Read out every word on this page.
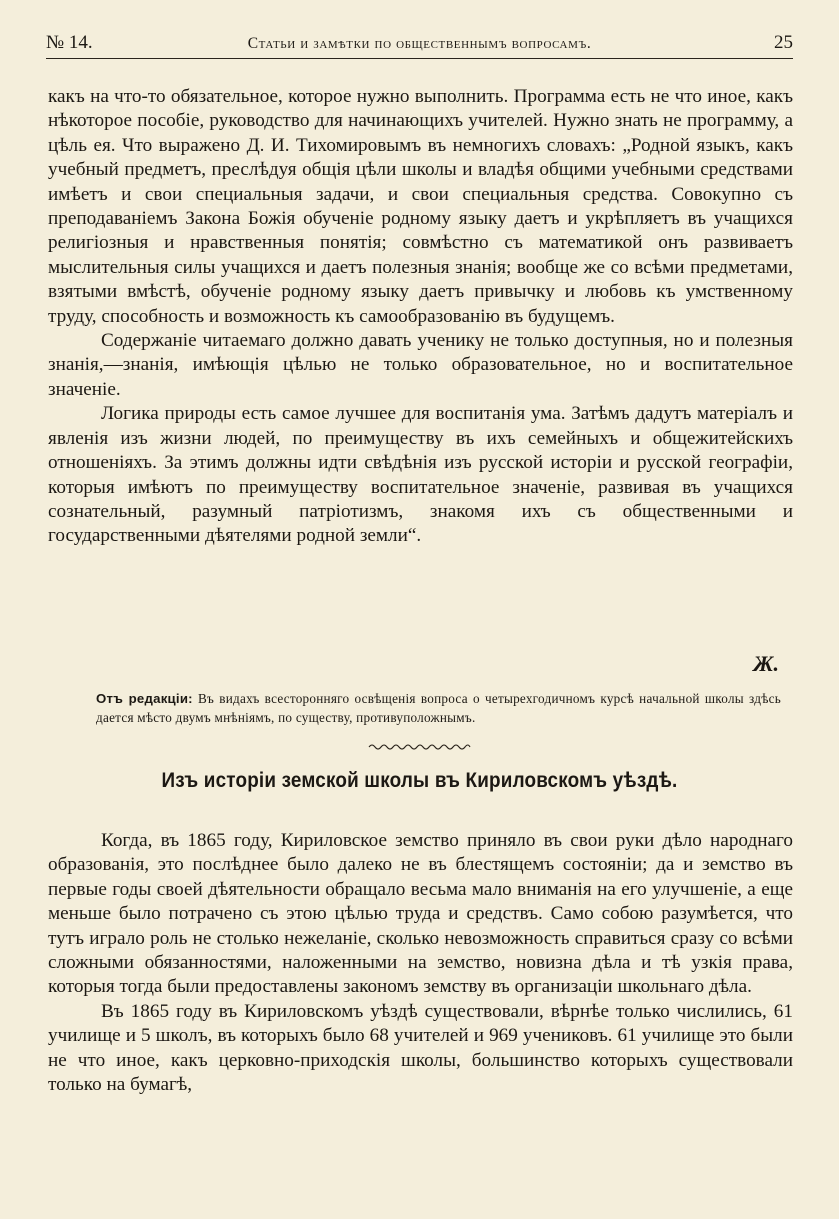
№ 14.	Статьи и замѣтки по общественнымъ вопросамъ.	25

какъ на что-то обязательное, которое нужно выполнить. Программа есть не что иное, какъ нѣкоторое пособіе, руководство для начинающихъ учителей. Нужно знать не программу, а цѣль ея. Что выражено Д. И. Тихомировымъ въ немногихъ словахъ: „Родной языкъ, какъ учебный предметъ, преслѣдуя общія цѣли школы и владѣя общими учебными средствами имѣетъ и свои специальныя задачи, и свои специальныя средства. Совокупно съ преподаваніемъ Закона Божія обученіе родному языку даетъ и укрѣпляетъ въ учащихся религіозныя и нравственныя понятія; совмѣстно съ математикой онъ развиваетъ мыслительныя силы учащихся и даетъ полезныя знанія; вообще же со всѣми предметами, взятыми вмѣстѣ, обученіе родному языку даетъ привычку и любовь къ умственному труду, способность и возможность къ самообразованію въ будущемъ.

Содержаніе читаемаго должно давать ученику не только доступныя, но и полезныя знанія,—знанія, имѣющія цѣлью не только образовательное, но и воспитательное значеніе.

Логика природы есть самое лучшее для воспитанія ума. Затѣмъ дадутъ матеріалъ и явленія изъ жизни людей, по преимуществу въ ихъ семейныхъ и общежитейскихъ отношеніяхъ. За этимъ должны идти свѣдѣнія изъ русской исторіи и русской географіи, которыя имѣютъ по преимуществу воспитательное значеніе, развивая въ учащихся сознательный, разумный патріотизмъ, знакомя ихъ съ общественными и государственными дѣятелями родной земли“.

Ж.
Отъ редакціи: Въ видахъ всесторонняго освѣщенія вопроса о четырехгодичномъ курсѣ начальной школы здѣсь дается мѣсто двумъ мнѣніямъ, по существу, противуположнымъ.
Изъ исторіи земской школы въ Кириловскомъ уѣздѣ.

Когда, въ 1865 году, Кириловское земство приняло въ свои руки дѣло народнаго образованія, это послѣднее было далеко не въ блестящемъ состояніи; да и земство въ первые годы своей дѣятельности обращало весьма мало вниманія на его улучшеніе, а еще меньше было потрачено съ этою цѣлью труда и средствъ. Само собою разумѣется, что тутъ играло роль не столько нежеланіе, сколько невозможность справиться сразу со всѣми сложными обязанностями, наложенными на земство, новизна дѣла и тѣ узкія права, которыя тогда были предоставлены закономъ земству въ организаціи школьнаго дѣла.

Въ 1865 году въ Кириловскомъ уѣздѣ существовали, вѣрнѣе только числились, 61 училище и 5 школъ, въ которыхъ было 68 учителей и 969 учениковъ. 61 училище это были не что иное, какъ церковно-приходскія школы, большинство которыхъ существовали только на бумагѣ,
